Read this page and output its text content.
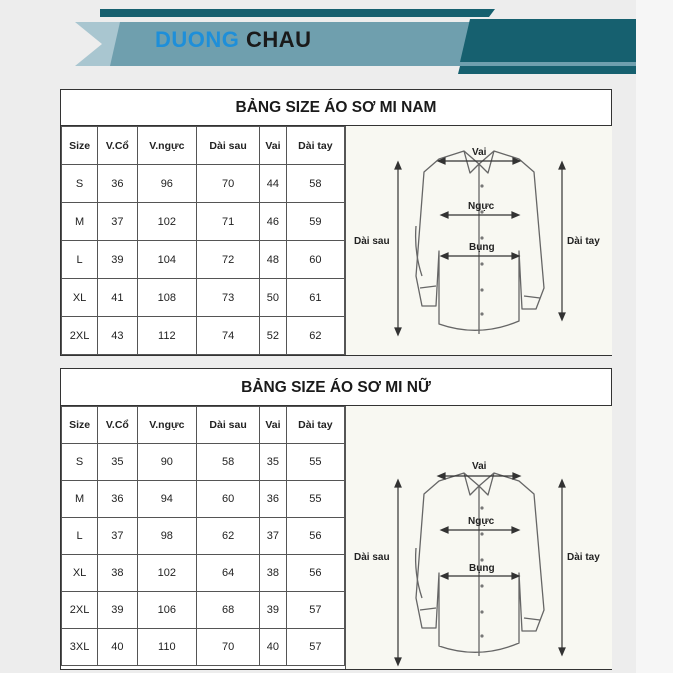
DUONG CHAU
BẢNG SIZE ÁO SƠ MI NAM
Size	V.Cổ	V.ngực	Dài sau	Vai	Dài tay
S	36	96	70	44	58
M	37	102	71	46	59
L	39	104	72	48	60
XL	41	108	73	50	61
2XL	43	112	74	52	62
Vai
Ngực
Bụng
Dài sau	Dài tay
BẢNG SIZE ÁO SƠ MI NỮ
Size	V.Cổ	V.ngực	Dài sau	Vai	Dài tay
S	35	90	58	35	55
M	36	94	60	36	55
L	37	98	62	37	56
XL	38	102	64	38	56
2XL	39	106	68	39	57
3XL	40	110	70	40	57
Vai
Ngực
Bụng
Dài sau	Dài tay
